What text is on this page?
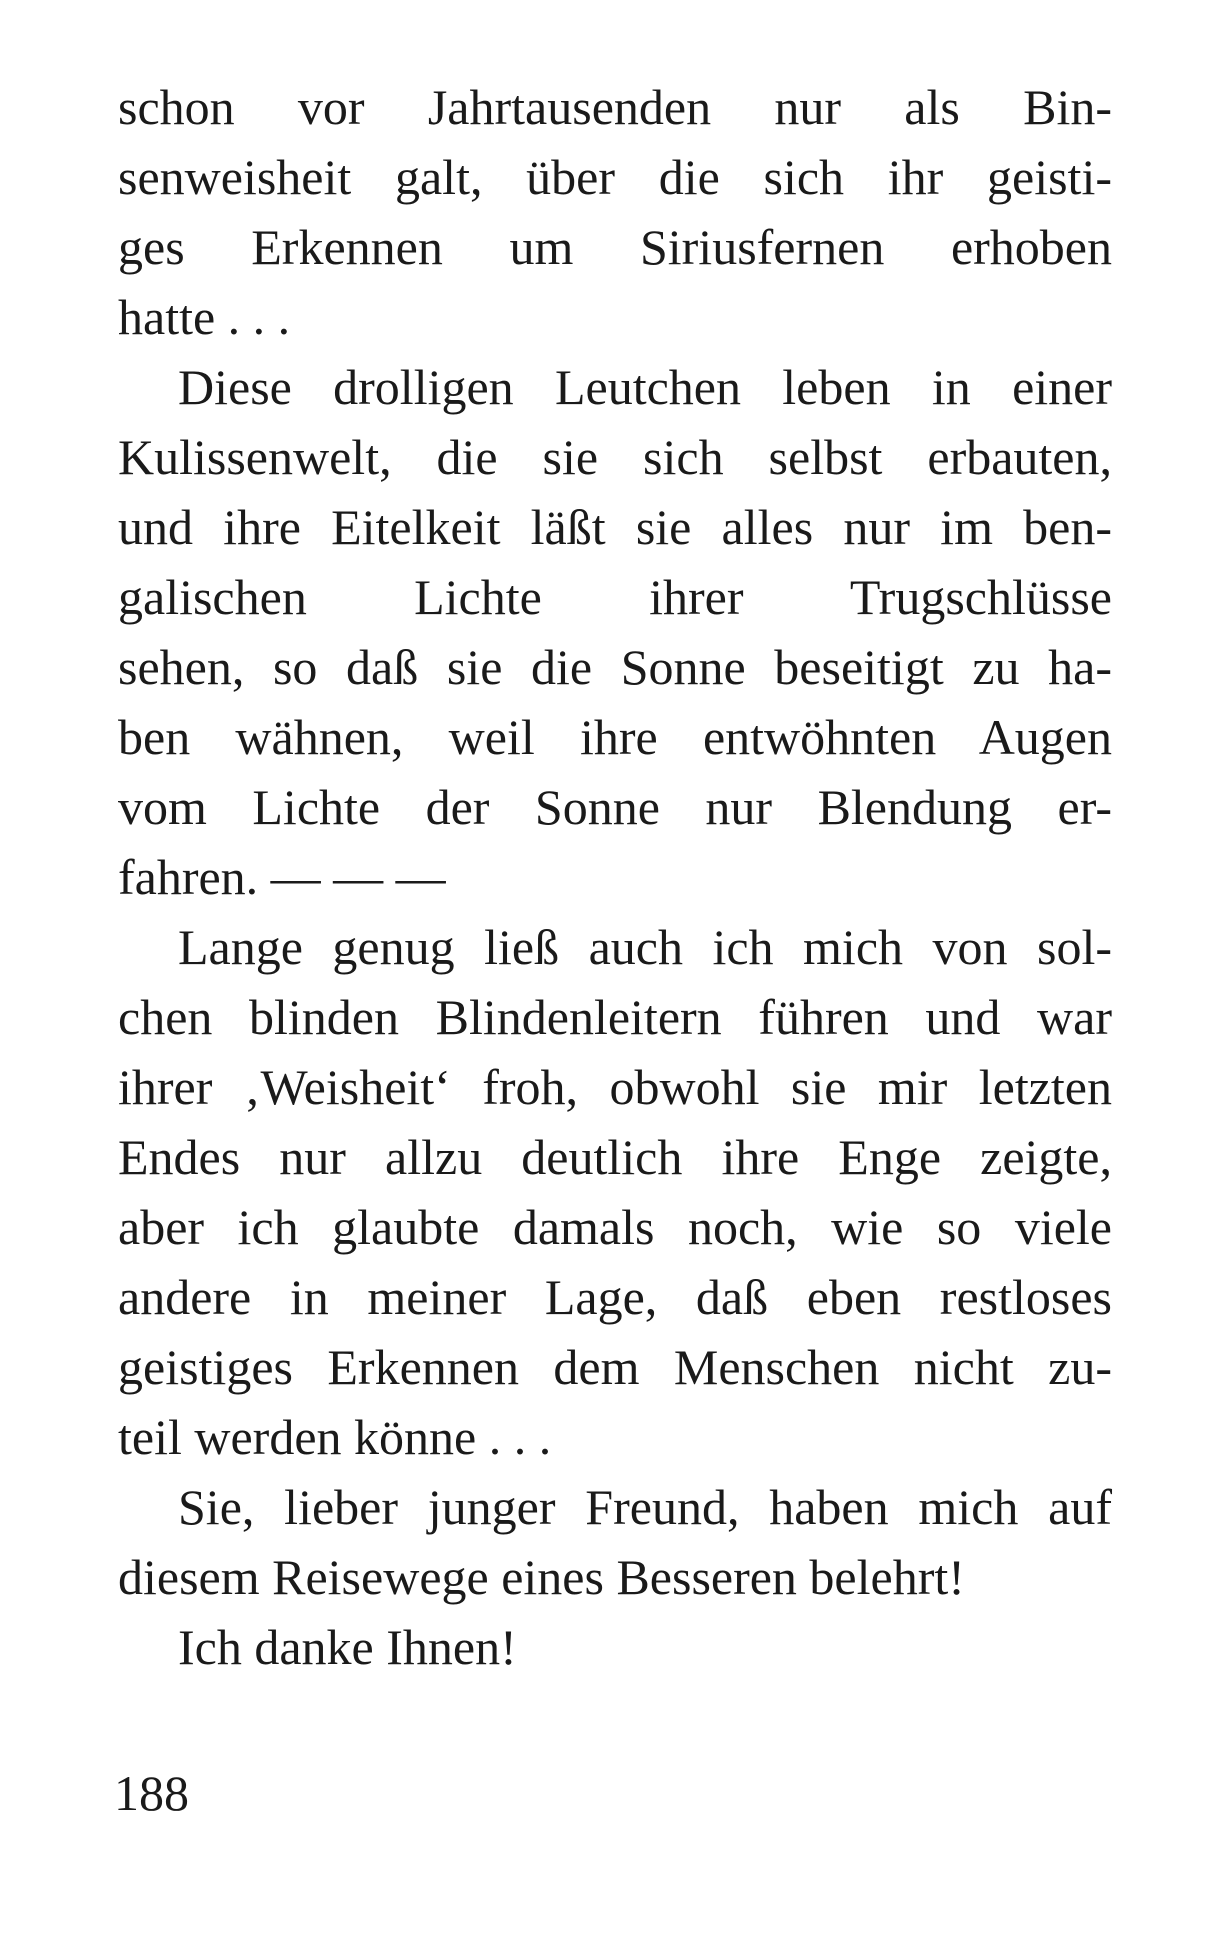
schon vor Jahrtausenden nur als Bin-
senweisheit galt, über die sich ihr geisti-
ges Erkennen um Siriusfernen erhoben
hatte . . .
Diese drolligen Leutchen leben in einer
Kulissenwelt, die sie sich selbst erbauten,
und ihre Eitelkeit läßt sie alles nur im ben-
galischen Lichte ihrer Trugschlüsse
sehen, so daß sie die Sonne beseitigt zu ha-
ben wähnen, weil ihre entwöhnten Augen
vom Lichte der Sonne nur Blendung er-
fahren. — — —
Lange genug ließ auch ich mich von sol-
chen blinden Blindenleitern führen und war
ihrer ‚Weisheit‘ froh, obwohl sie mir letzten
Endes nur allzu deutlich ihre Enge zeigte,
aber ich glaubte damals noch, wie so viele
andere in meiner Lage, daß eben restloses
geistiges Erkennen dem Menschen nicht zu-
teil werden könne . . .
Sie, lieber junger Freund, haben mich auf
diesem Reisewege eines Besseren belehrt!
Ich danke Ihnen!
188
